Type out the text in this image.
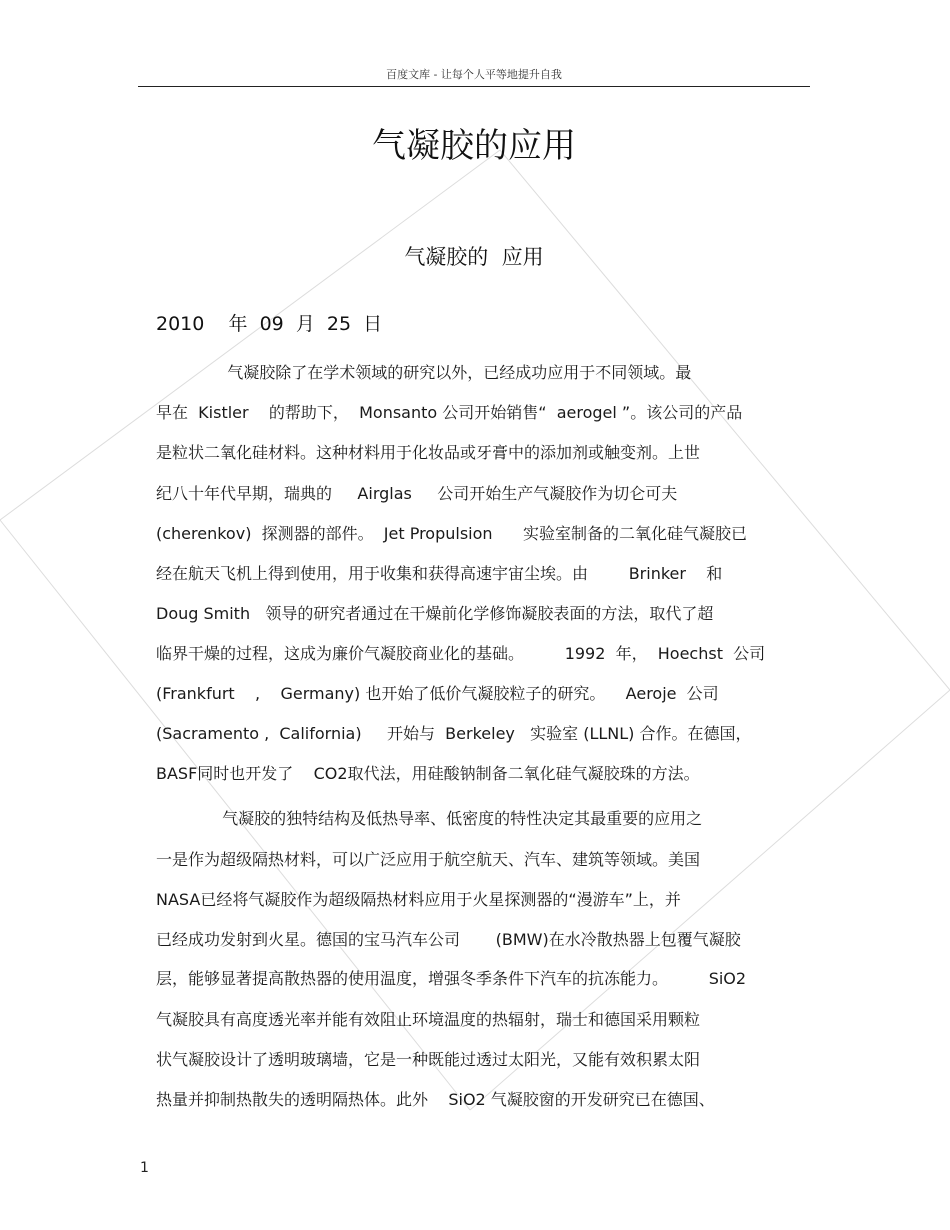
百度文库 - 让每个人平等地提升自我
气凝胶的应用
气凝胶的  应用
2010    年  09  月  25  日
气凝胶除了在学术领域的研究以外，已经成功应用于不同领域。最
早在  Kistler    的帮助下，  Monsanto 公司开始销售“  aerogel ”。该公司的产品
是粒状二氧化硅材料。这种材料用于化妆品或牙膏中的添加剂或触变剂。上世
纪八十年代早期，瑞典的     Airglas     公司开始生产气凝胶作为切仑可夫
(cherenkov)  探测器的部件。  Jet Propulsion      实验室制备的二氧化硅气凝胶已
经在航天飞机上得到使用，用于收集和获得高速宇宙尘埃。由        Brinker    和
Doug Smith   领导的研究者通过在干燥前化学修饰凝胶表面的方法，取代了超
临界干燥的过程，这成为廉价气凝胶商业化的基础。        1992  年，  Hoechst  公司
(Frankfurt    ,    Germany) 也开始了低价气凝胶粒子的研究。    Aeroje  公司
(Sacramento ,  California)     开始与  Berkeley   实验室 (LLNL) 合作。在德国，
BASF同时也开发了    CO2取代法，用硅酸钠制备二氧化硅气凝胶珠的方法。
气凝胶的独特结构及低热导率、低密度的特性决定其最重要的应用之
一是作为超级隔热材料，可以广泛应用于航空航天、汽车、建筑等领域。美国
NASA已经将气凝胶作为超级隔热材料应用于火星探测器的“漫游车”上，并
已经成功发射到火星。德国的宝马汽车公司       (BMW)在水冷散热器上包覆气凝胶
层，能够显著提高散热器的使用温度，增强冬季条件下汽车的抗冻能力。        SiO2
气凝胶具有高度透光率并能有效阻止环境温度的热辐射，瑞士和德国采用颗粒
状气凝胶设计了透明玻璃墙，它是一种既能过透过太阳光，又能有效积累太阳
热量并抑制热散失的透明隔热体。此外    SiO2 气凝胶窗的开发研究已在德国、
1
